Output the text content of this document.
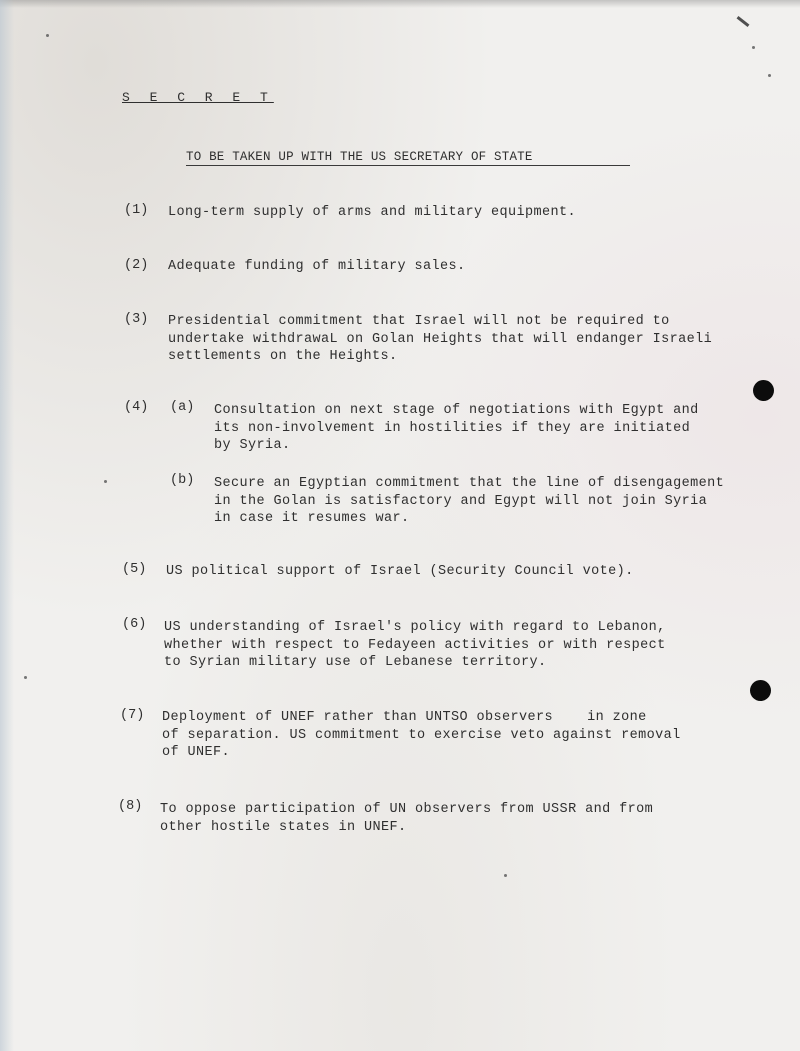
S E C R E T
TO BE TAKEN UP WITH THE US SECRETARY OF STATE
(1) Long-term supply of arms and military equipment.
(2) Adequate funding of military sales.
(3) Presidential commitment that Israel will not be required to
undertake withdrawaL on Golan Heights that will endanger Israeli
settlements on the Heights.
(4) (a) Consultation on next stage of negotiations with Egypt and
its non-involvement in hostilities if they are initiated
by Syria.
(b) Secure an Egyptian commitment that the line of disengagement
in the Golan is satisfactory and Egypt will not join Syria
in case it resumes war.
(5) US political support of Israel (Security Council vote).
(6) US understanding of Israel's policy with regard to Lebanon,
whether with respect to Fedayeen activities or with respect
to Syrian military use of Lebanese territory.
(7) Deployment of UNEF rather than UNTSO observers    in zone
of separation. US commitment to exercise veto against removal
of UNEF.
(8) To oppose participation of UN observers from USSR and from
other hostile states in UNEF.
